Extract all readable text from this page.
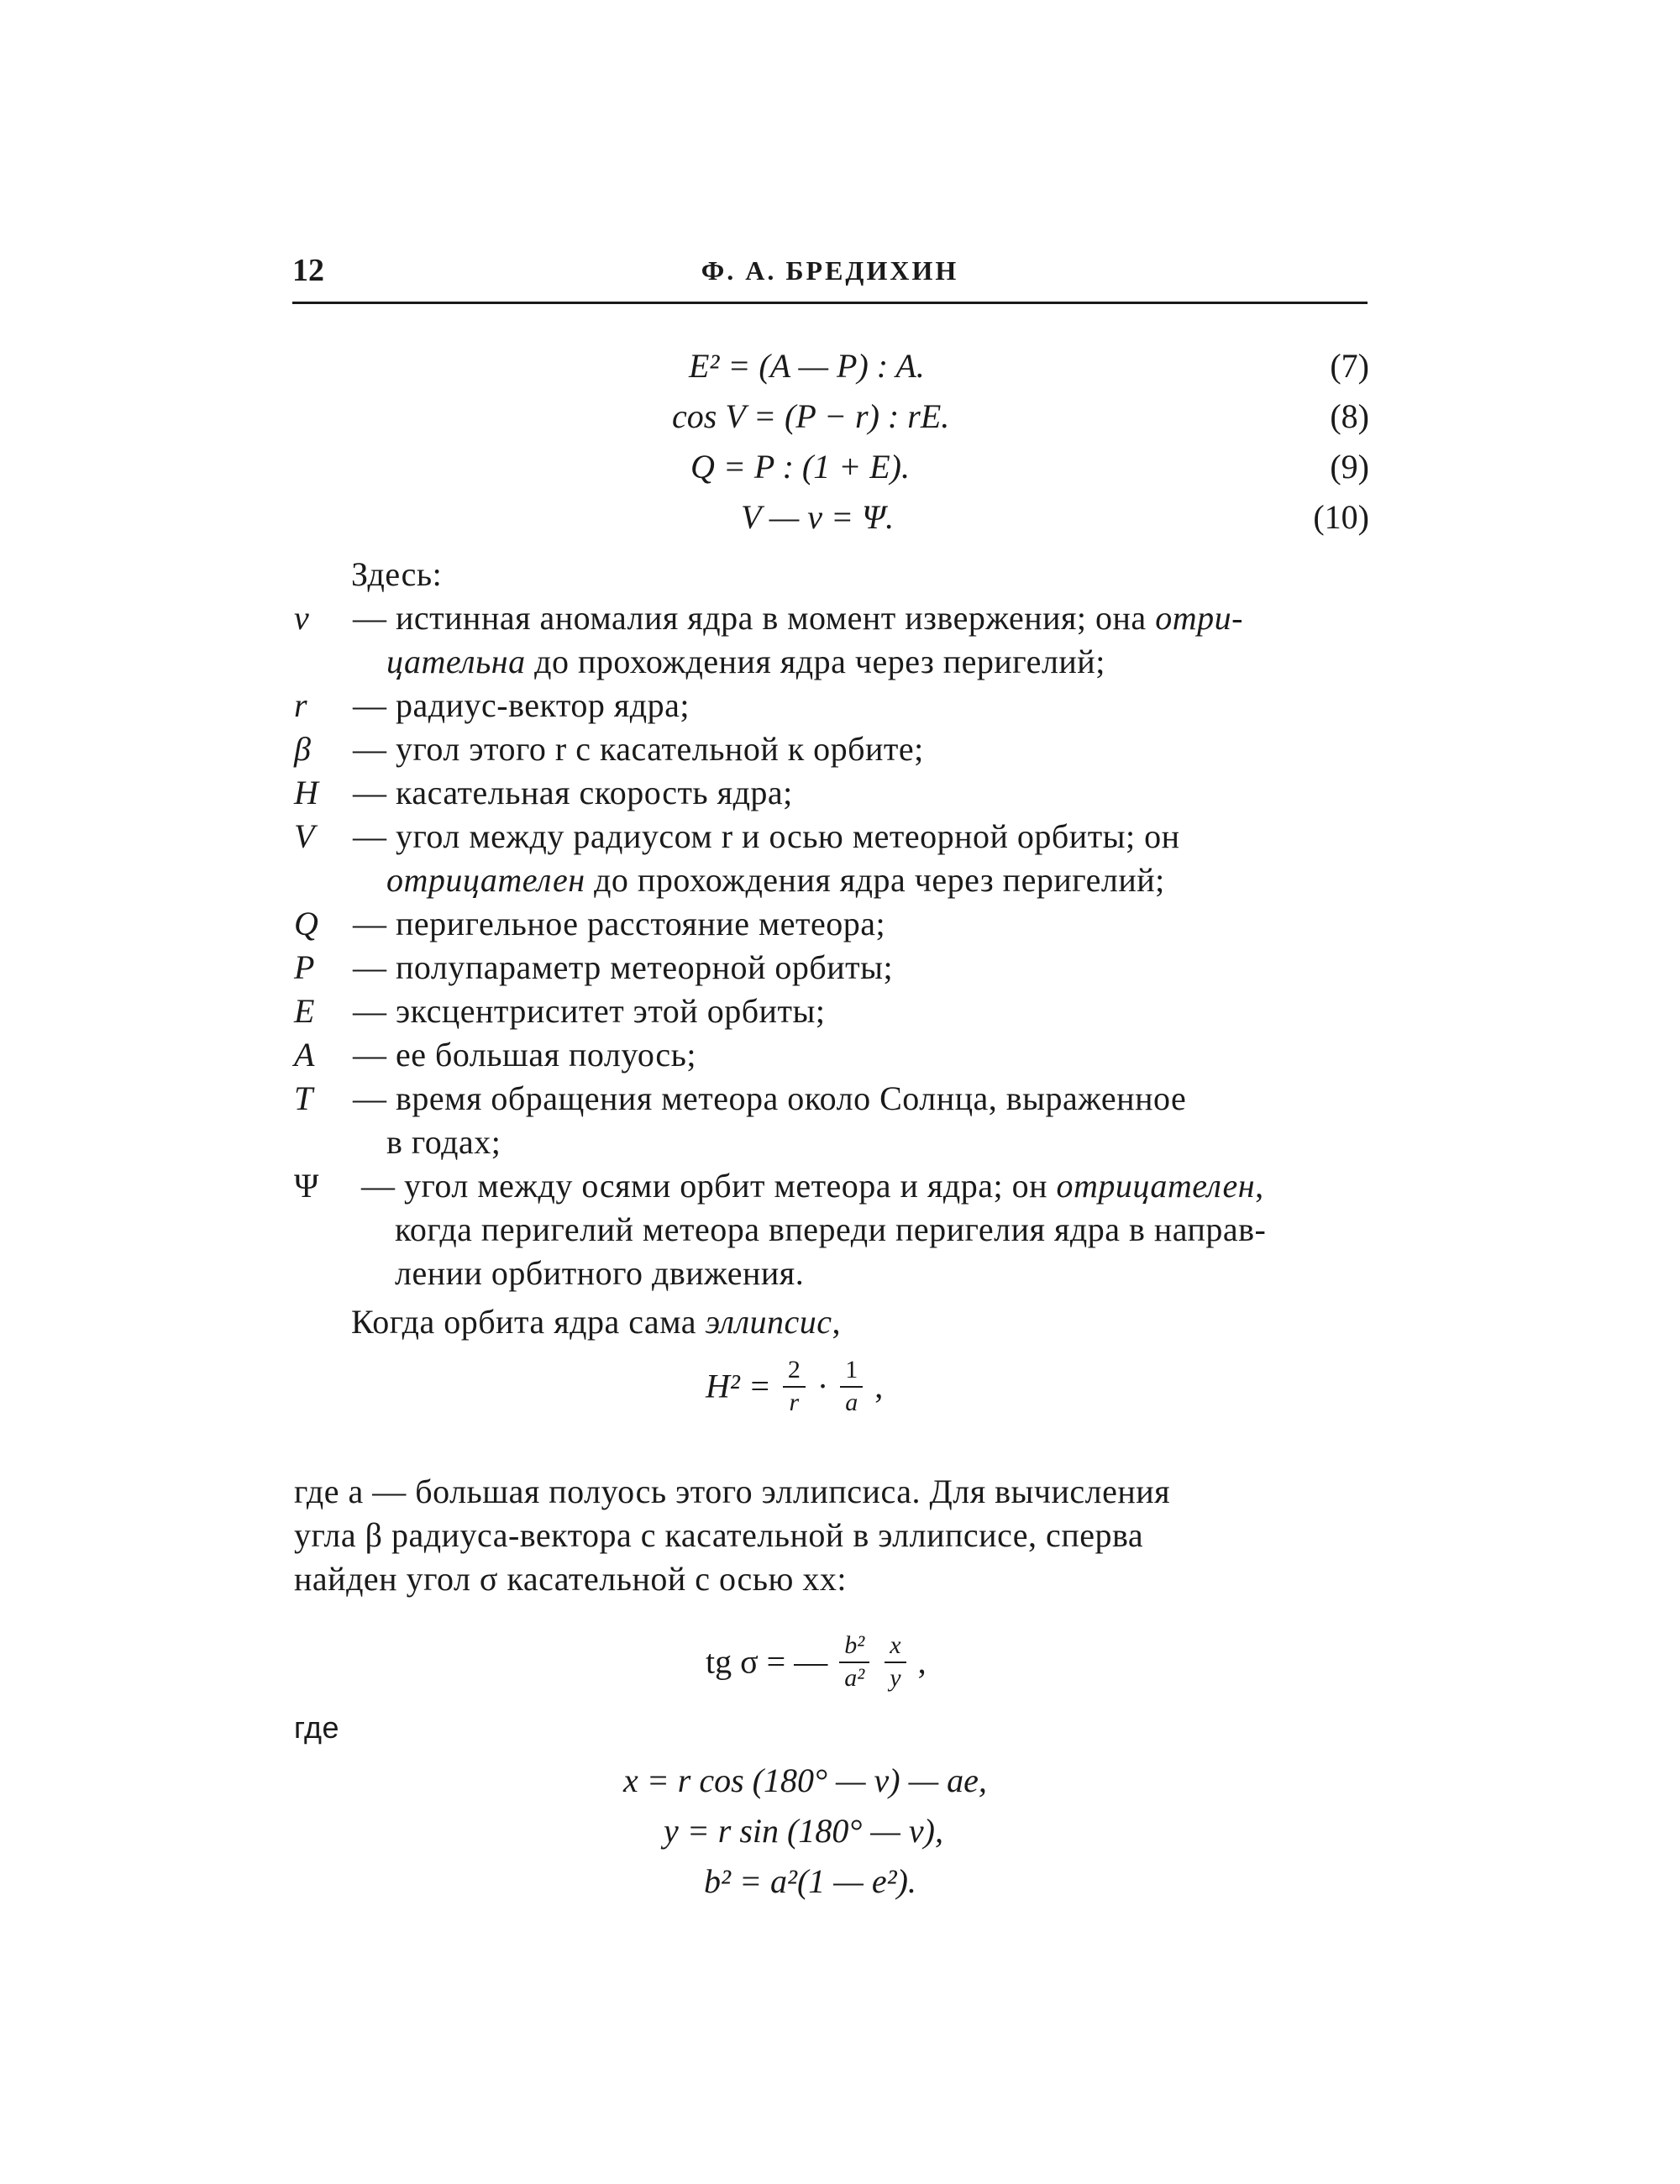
12	Ф. А. БРЕДИХИН
E² = (A — P) : A.	(7)
cos V = (P − r) : rE.	(8)
Q = P : (1 + E).	(9)
V — v = Ψ.	(10)
Здесь:
v — истинная аномалия ядра в момент извержения; она отри-
цательна до прохождения ядра через перигелий;
r — радиус-вектор ядра;
β — угол этого r с касательной к орбите;
H — касательная скорость ядра;
V — угол между радиусом r и осью метеорной орбиты; он
отрицателен до прохождения ядра через перигелий;
Q — перигельное расстояние метеора;
P — полупараметр метеорной орбиты;
E — эксцентриситет этой орбиты;
A — ее большая полуось;
T — время обращения метеора около Солнца, выраженное
в годах;
Ψ — угол между осями орбит метеора и ядра; он отрицателен,
когда перигелий метеора впереди перигелия ядра в направ-
лении орбитного движения.
Когда орбита ядра сама эллипсис,
$H^2 = \frac{2}{r} \cdot \frac{1}{a}$ ,
где a — большая полуось этого эллипсиса. Для вычисления
угла β радиуса-вектора с касательной в эллипсисе, сперва
найден угол σ касательной с осью xx:
tg σ = — $\frac{\text{b²}}{\text{a²}}$
$\frac{x}{y}$ ,
где
x = r cos (180° — v) — ae,
y = r sin (180° — v),
b² = a²(1 — e²).
